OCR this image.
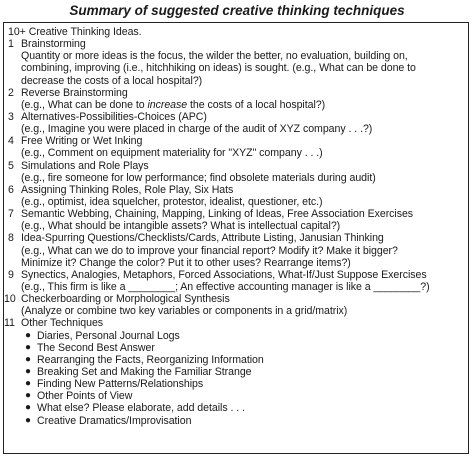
Summary of suggested creative thinking techniques
10+ Creative Thinking Ideas.
1 Brainstorming
Quantity or more ideas is the focus, the wilder the better, no evaluation, building on,
combining, improving (i.e., hitchhiking on ideas) is sought. (e.g., What can be done to
decrease the costs of a local hospital?)
2 Reverse Brainstorming
(e.g., What can be done to increase the costs of a local hospital?)
3 Alternatives-Possibilities-Choices (APC)
(e.g., Imagine you were placed in charge of the audit of XYZ company . . .?)
4 Free Writing or Wet Inking
(e.g., Comment on equipment materiality for "XYZ" company . . .)
5 Simulations and Role Plays
(e.g., fire someone for low performance; find obsolete materials during audit)
6 Assigning Thinking Roles, Role Play, Six Hats
(e.g., optimist, idea squelcher, protestor, idealist, questioner, etc.)
7 Semantic Webbing, Chaining, Mapping, Linking of Ideas, Free Association Exercises
(e.g., What should be intangible assets? What is intellectual capital?)
8 Idea-Spurring Questions/Checklists/Cards, Attribute Listing, Janusian Thinking
(e.g., What can we do to improve your financial report? Modify it? Make it bigger?
Minimize it? Change the color? Put it to other uses? Rearrange items?)
9 Synectics, Analogies, Metaphors, Forced Associations, What-If/Just Suppose Exercises
(e.g., This firm is like a ________; An effective accounting manager is like a ________?)
10 Checkerboarding or Morphological Synthesis
(Analyze or combine two key variables or components in a grid/matrix)
11 Other Techniques
● Diaries, Personal Journal Logs
● The Second Best Answer
● Rearranging the Facts, Reorganizing Information
● Breaking Set and Making the Familiar Strange
● Finding New Patterns/Relationships
● Other Points of View
● What else? Please elaborate, add details . . .
● Creative Dramatics/Improvisation
